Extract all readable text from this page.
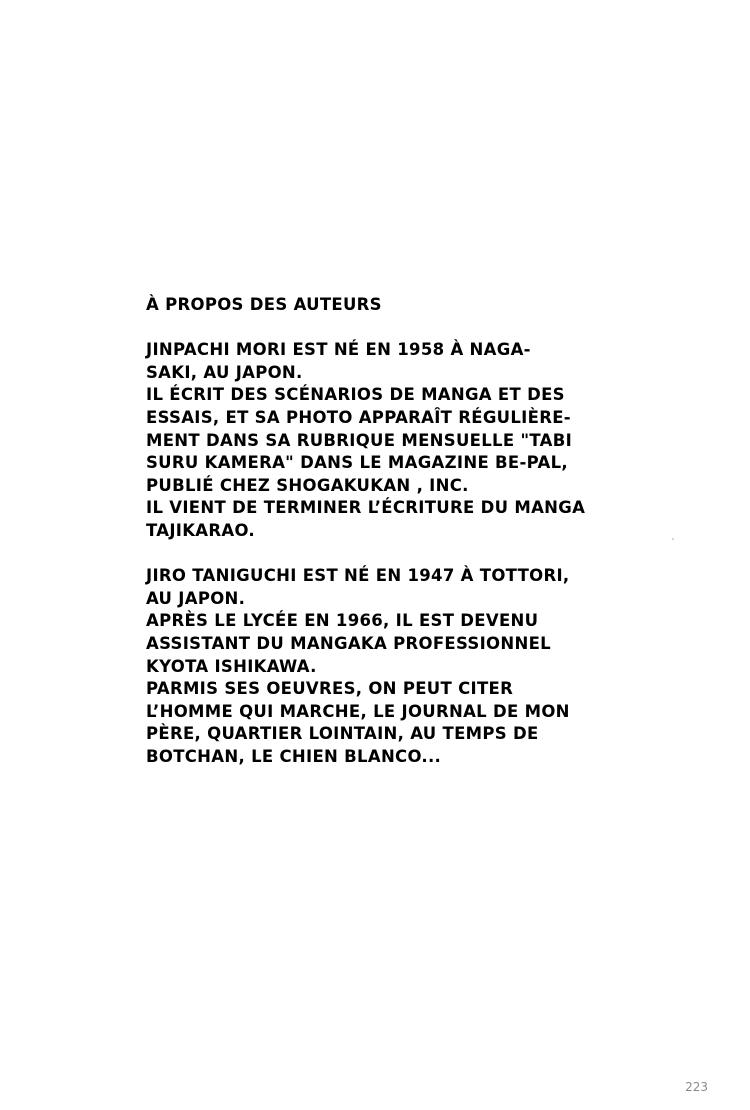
À PROPOS DES AUTEURS
JINPACHI MORI EST NÉ EN 1958 À NAGA-
SAKI, AU JAPON.
IL ÉCRIT DES SCÉNARIOS DE MANGA ET DES
ESSAIS, ET SA PHOTO APPARAÎT RÉGULIÈRE-
MENT DANS SA RUBRIQUE MENSUELLE "TABI
SURU KAMERA" DANS LE MAGAZINE BE-PAL,
PUBLIÉ CHEZ SHOGAKUKAN , INC.
IL VIENT DE TERMINER L’ÉCRITURE DU MANGA
TAJIKARAO.
JIRO TANIGUCHI EST NÉ EN 1947 À TOTTORI,
AU JAPON.
APRÈS LE LYCÉE EN 1966, IL EST DEVENU
ASSISTANT DU MANGAKA PROFESSIONNEL
KYOTA ISHIKAWA.
PARMIS SES OEUVRES, ON PEUT CITER
L’HOMME QUI MARCHE, LE JOURNAL DE MON
PÈRE, QUARTIER LOINTAIN, AU TEMPS DE
BOTCHAN, LE CHIEN BLANCO...
223
